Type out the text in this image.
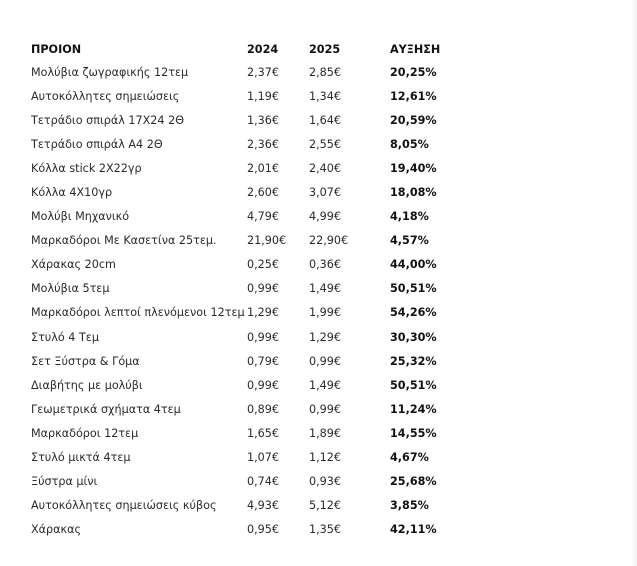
ΠΡΟΙΟΝ	2024	2025	ΑΥΞΗΣΗ
Μολύβια ζωγραφικής 12τεμ	2,37€	2,85€	20,25%
Αυτοκόλλητες σημειώσεις	1,19€	1,34€	12,61%
Τετράδιο σπιράλ 17Χ24 2Θ	1,36€	1,64€	20,59%
Τετράδιο σπιράλ Α4 2Θ	2,36€	2,55€	8,05%
Κόλλα stick 2Χ22γρ	2,01€	2,40€	19,40%
Κόλλα 4Χ10γρ	2,60€	3,07€	18,08%
Μολύβι Μηχανικό	4,79€	4,99€	4,18%
Μαρκαδόροι Με Κασετίνα 25τεμ.	21,90€	22,90€	4,57%
Χάρακας 20cm	0,25€	0,36€	44,00%
Μολύβια 5τεμ	0,99€	1,49€	50,51%
Μαρκαδόροι λεπτοί πλενόμενοι 12τεμ	1,29€	1,99€	54,26%
Στυλό 4 Τεμ	0,99€	1,29€	30,30%
Σετ Ξύστρα & Γόμα	0,79€	0,99€	25,32%
Διαβήτης με μολύβι	0,99€	1,49€	50,51%
Γεωμετρικά σχήματα 4τεμ	0,89€	0,99€	11,24%
Μαρκαδόροι 12τεμ	1,65€	1,89€	14,55%
Στυλό μικτά 4τεμ	1,07€	1,12€	4,67%
Ξύστρα μίνι	0,74€	0,93€	25,68%
Αυτοκόλλητες σημειώσεις κύβος	4,93€	5,12€	3,85%
Χάρακας	0,95€	1,35€	42,11%
